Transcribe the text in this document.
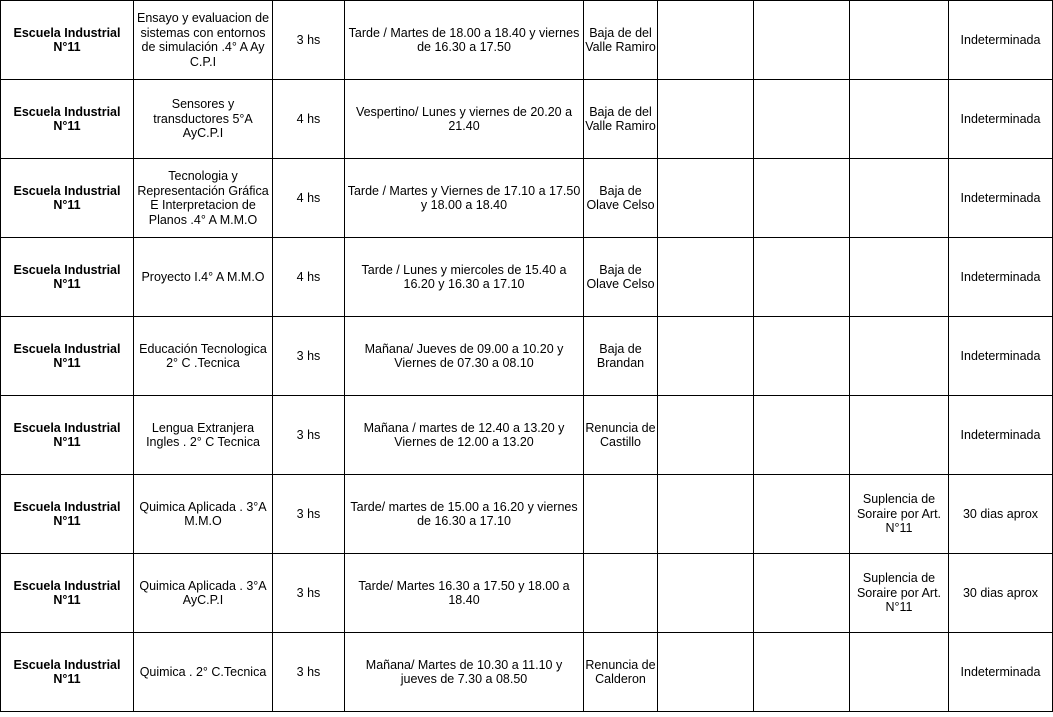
Escuela Industrial N°11	Ensayo y evaluacion de sistemas con entornos de simulación .4° A Ay C.P.I	3 hs	Tarde / Martes de 18.00 a 18.40 y viernes de 16.30 a 17.50	Baja de del Valle Ramiro				Indeterminada
Escuela Industrial N°11	Sensores y transductores 5°A AyC.P.I	4 hs	Vespertino/ Lunes y viernes de 20.20 a 21.40	Baja de del Valle Ramiro				Indeterminada
Escuela Industrial N°11	Tecnologia y Representación Gráfica E Interpretacion de Planos .4° A M.M.O	4 hs	Tarde / Martes y Viernes de 17.10 a 17.50 y 18.00 a 18.40	Baja de Olave Celso				Indeterminada
Escuela Industrial N°11	Proyecto I.4° A M.M.O	4 hs	Tarde / Lunes y miercoles de 15.40 a 16.20 y 16.30 a 17.10	Baja de Olave Celso				Indeterminada
Escuela Industrial N°11	Educación Tecnologica 2° C .Tecnica	3 hs	Mañana/ Jueves de 09.00 a 10.20 y Viernes de 07.30 a 08.10	Baja de Brandan				Indeterminada
Escuela Industrial N°11	Lengua Extranjera Ingles . 2° C Tecnica	3 hs	Mañana / martes de 12.40 a 13.20 y Viernes de 12.00 a 13.20	Renuncia de Castillo				Indeterminada
Escuela Industrial N°11	Quimica Aplicada . 3°A M.M.O	3 hs	Tarde/ martes de 15.00 a 16.20 y viernes de 16.30 a 17.10				Suplencia de Soraire por Art. N°11	30 dias aprox
Escuela Industrial N°11	Quimica Aplicada . 3°A AyC.P.I	3 hs	Tarde/ Martes 16.30 a 17.50 y 18.00 a 18.40				Suplencia de Soraire por Art. N°11	30 dias aprox
Escuela Industrial N°11	Quimica . 2° C.Tecnica	3 hs	Mañana/ Martes de 10.30 a 11.10 y jueves de 7.30 a 08.50	Renuncia de Calderon				Indeterminada
